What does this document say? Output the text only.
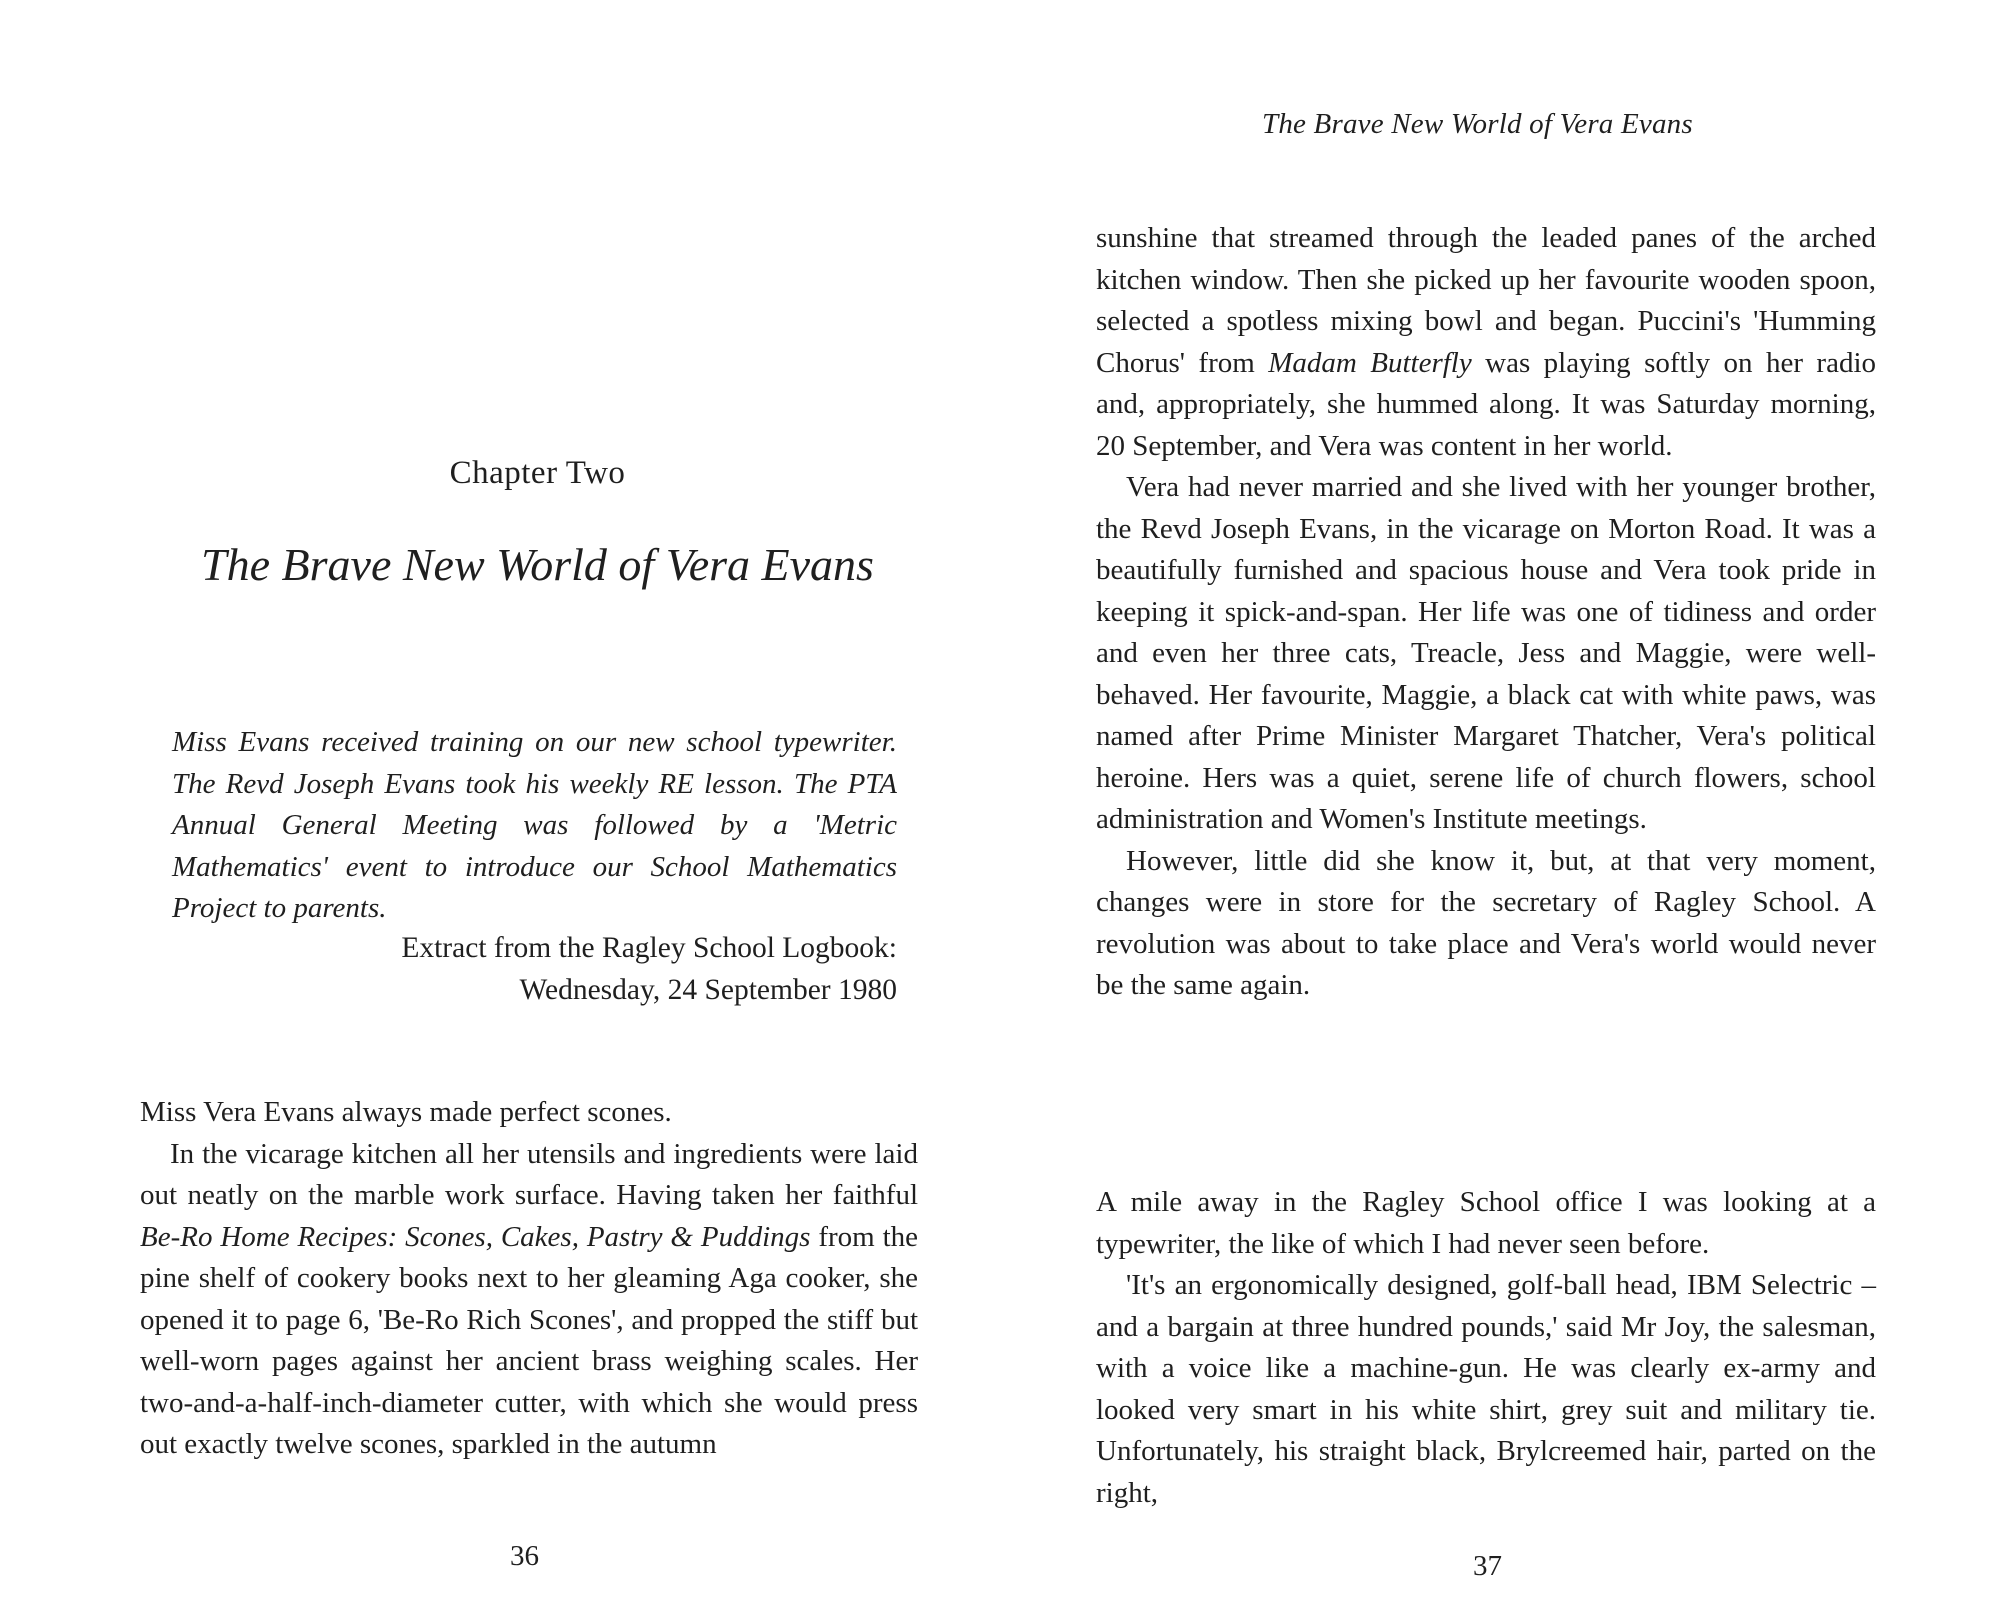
The Brave New World of Vera Evans
Chapter Two
The Brave New World of Vera Evans
Miss Evans received training on our new school typewriter. The Revd Joseph Evans took his weekly RE lesson. The PTA Annual General Meeting was followed by a 'Metric Mathematics' event to introduce our School Mathematics Project to parents.
Extract from the Ragley School Logbook:
Wednesday, 24 September 1980

Miss Vera Evans always made perfect scones.

In the vicarage kitchen all her utensils and ingredients were laid out neatly on the marble work surface. Having taken her faithful Be-Ro Home Recipes: Scones, Cakes, Pastry & Puddings from the pine shelf of cookery books next to her gleaming Aga cooker, she opened it to page 6, 'Be-Ro Rich Scones', and propped the stiff but well-worn pages against her ancient brass weighing scales. Her two-and-a-half-inch-diameter cutter, with which she would press out exactly twelve scones, sparkled in the autumn

36

sunshine that streamed through the leaded panes of the arched kitchen window. Then she picked up her favourite wooden spoon, selected a spotless mixing bowl and began. Puccini's 'Humming Chorus' from Madam Butterfly was playing softly on her radio and, appropriately, she hummed along. It was Saturday morning, 20 September, and Vera was content in her world.

Vera had never married and she lived with her younger brother, the Revd Joseph Evans, in the vicarage on Morton Road. It was a beautifully furnished and spacious house and Vera took pride in keeping it spick-and-span. Her life was one of tidiness and order and even her three cats, Treacle, Jess and Maggie, were well-behaved. Her favourite, Maggie, a black cat with white paws, was named after Prime Minister Margaret Thatcher, Vera's political heroine. Hers was a quiet, serene life of church flowers, school administration and Women's Institute meetings.

However, little did she know it, but, at that very moment, changes were in store for the secretary of Ragley School. A revolution was about to take place and Vera's world would never be the same again.

A mile away in the Ragley School office I was looking at a typewriter, the like of which I had never seen before.

'It's an ergonomically designed, golf-ball head, IBM Selectric – and a bargain at three hundred pounds,' said Mr Joy, the salesman, with a voice like a machine-gun. He was clearly ex-army and looked very smart in his white shirt, grey suit and military tie. Unfortunately, his straight black, Brylcreemed hair, parted on the right,

37
